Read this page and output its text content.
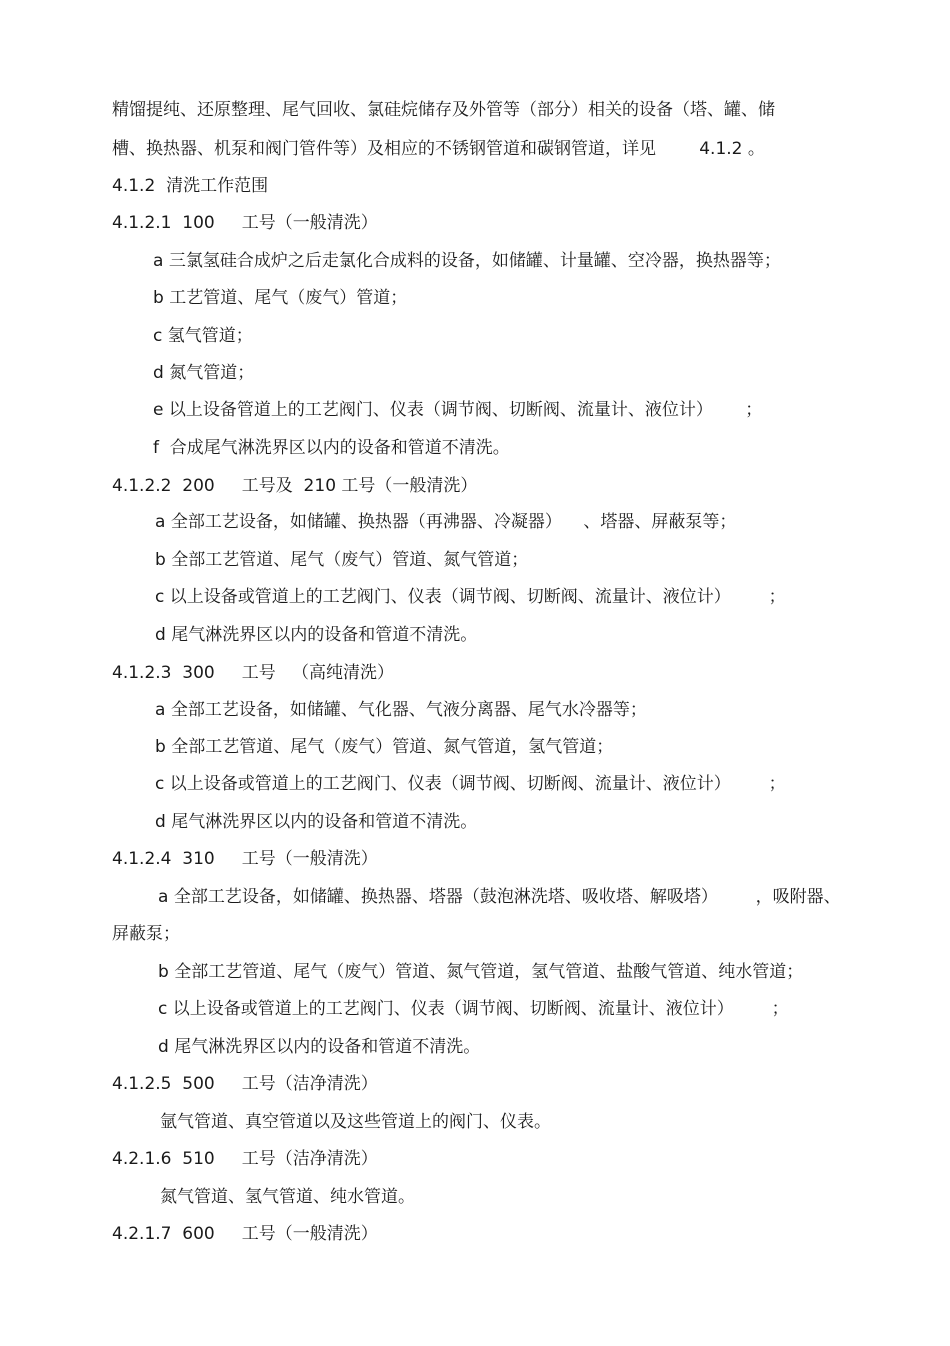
精馏提纯、还原整理、尾气回收、氯硅烷储存及外管等（部分）相关的设备（塔、罐、储
槽、换热器、机泵和阀门管件等）及相应的不锈钢管道和碳钢管道，详见        4.1.2 。
4.1.2  清洗工作范围
4.1.2.1  100     工号（一般清洗）
a 三氯氢硅合成炉之后走氯化合成料的设备，如储罐、计量罐、空冷器，换热器等；
b 工艺管道、尾气（废气）管道；
c 氢气管道；
d 氮气管道；
e 以上设备管道上的工艺阀门、仪表（调节阀、切断阀、流量计、液位计）      ；
f  合成尾气淋洗界区以内的设备和管道不清洗。
4.1.2.2  200     工号及  210 工号（一般清洗）
a 全部工艺设备，如储罐、换热器（再沸器、冷凝器）    、塔器、屏蔽泵等；
b 全部工艺管道、尾气（废气）管道、氮气管道；
c 以上设备或管道上的工艺阀门、仪表（调节阀、切断阀、流量计、液位计）       ；
d 尾气淋洗界区以内的设备和管道不清洗。
4.1.2.3  300     工号   （高纯清洗）
a 全部工艺设备，如储罐、气化器、气液分离器、尾气水冷器等；
b 全部工艺管道、尾气（废气）管道、氮气管道，氢气管道；
c 以上设备或管道上的工艺阀门、仪表（调节阀、切断阀、流量计、液位计）       ；
d 尾气淋洗界区以内的设备和管道不清洗。
4.1.2.4  310     工号（一般清洗）
a 全部工艺设备，如储罐、换热器、塔器（鼓泡淋洗塔、吸收塔、解吸塔）       ，吸附器、
屏蔽泵；
b 全部工艺管道、尾气（废气）管道、氮气管道，氢气管道、盐酸气管道、纯水管道；
c 以上设备或管道上的工艺阀门、仪表（调节阀、切断阀、流量计、液位计）       ；
d 尾气淋洗界区以内的设备和管道不清洗。
4.1.2.5  500     工号（洁净清洗）
氩气管道、真空管道以及这些管道上的阀门、仪表。
4.2.1.6  510     工号（洁净清洗）
氮气管道、氢气管道、纯水管道。
4.2.1.7  600     工号（一般清洗）
